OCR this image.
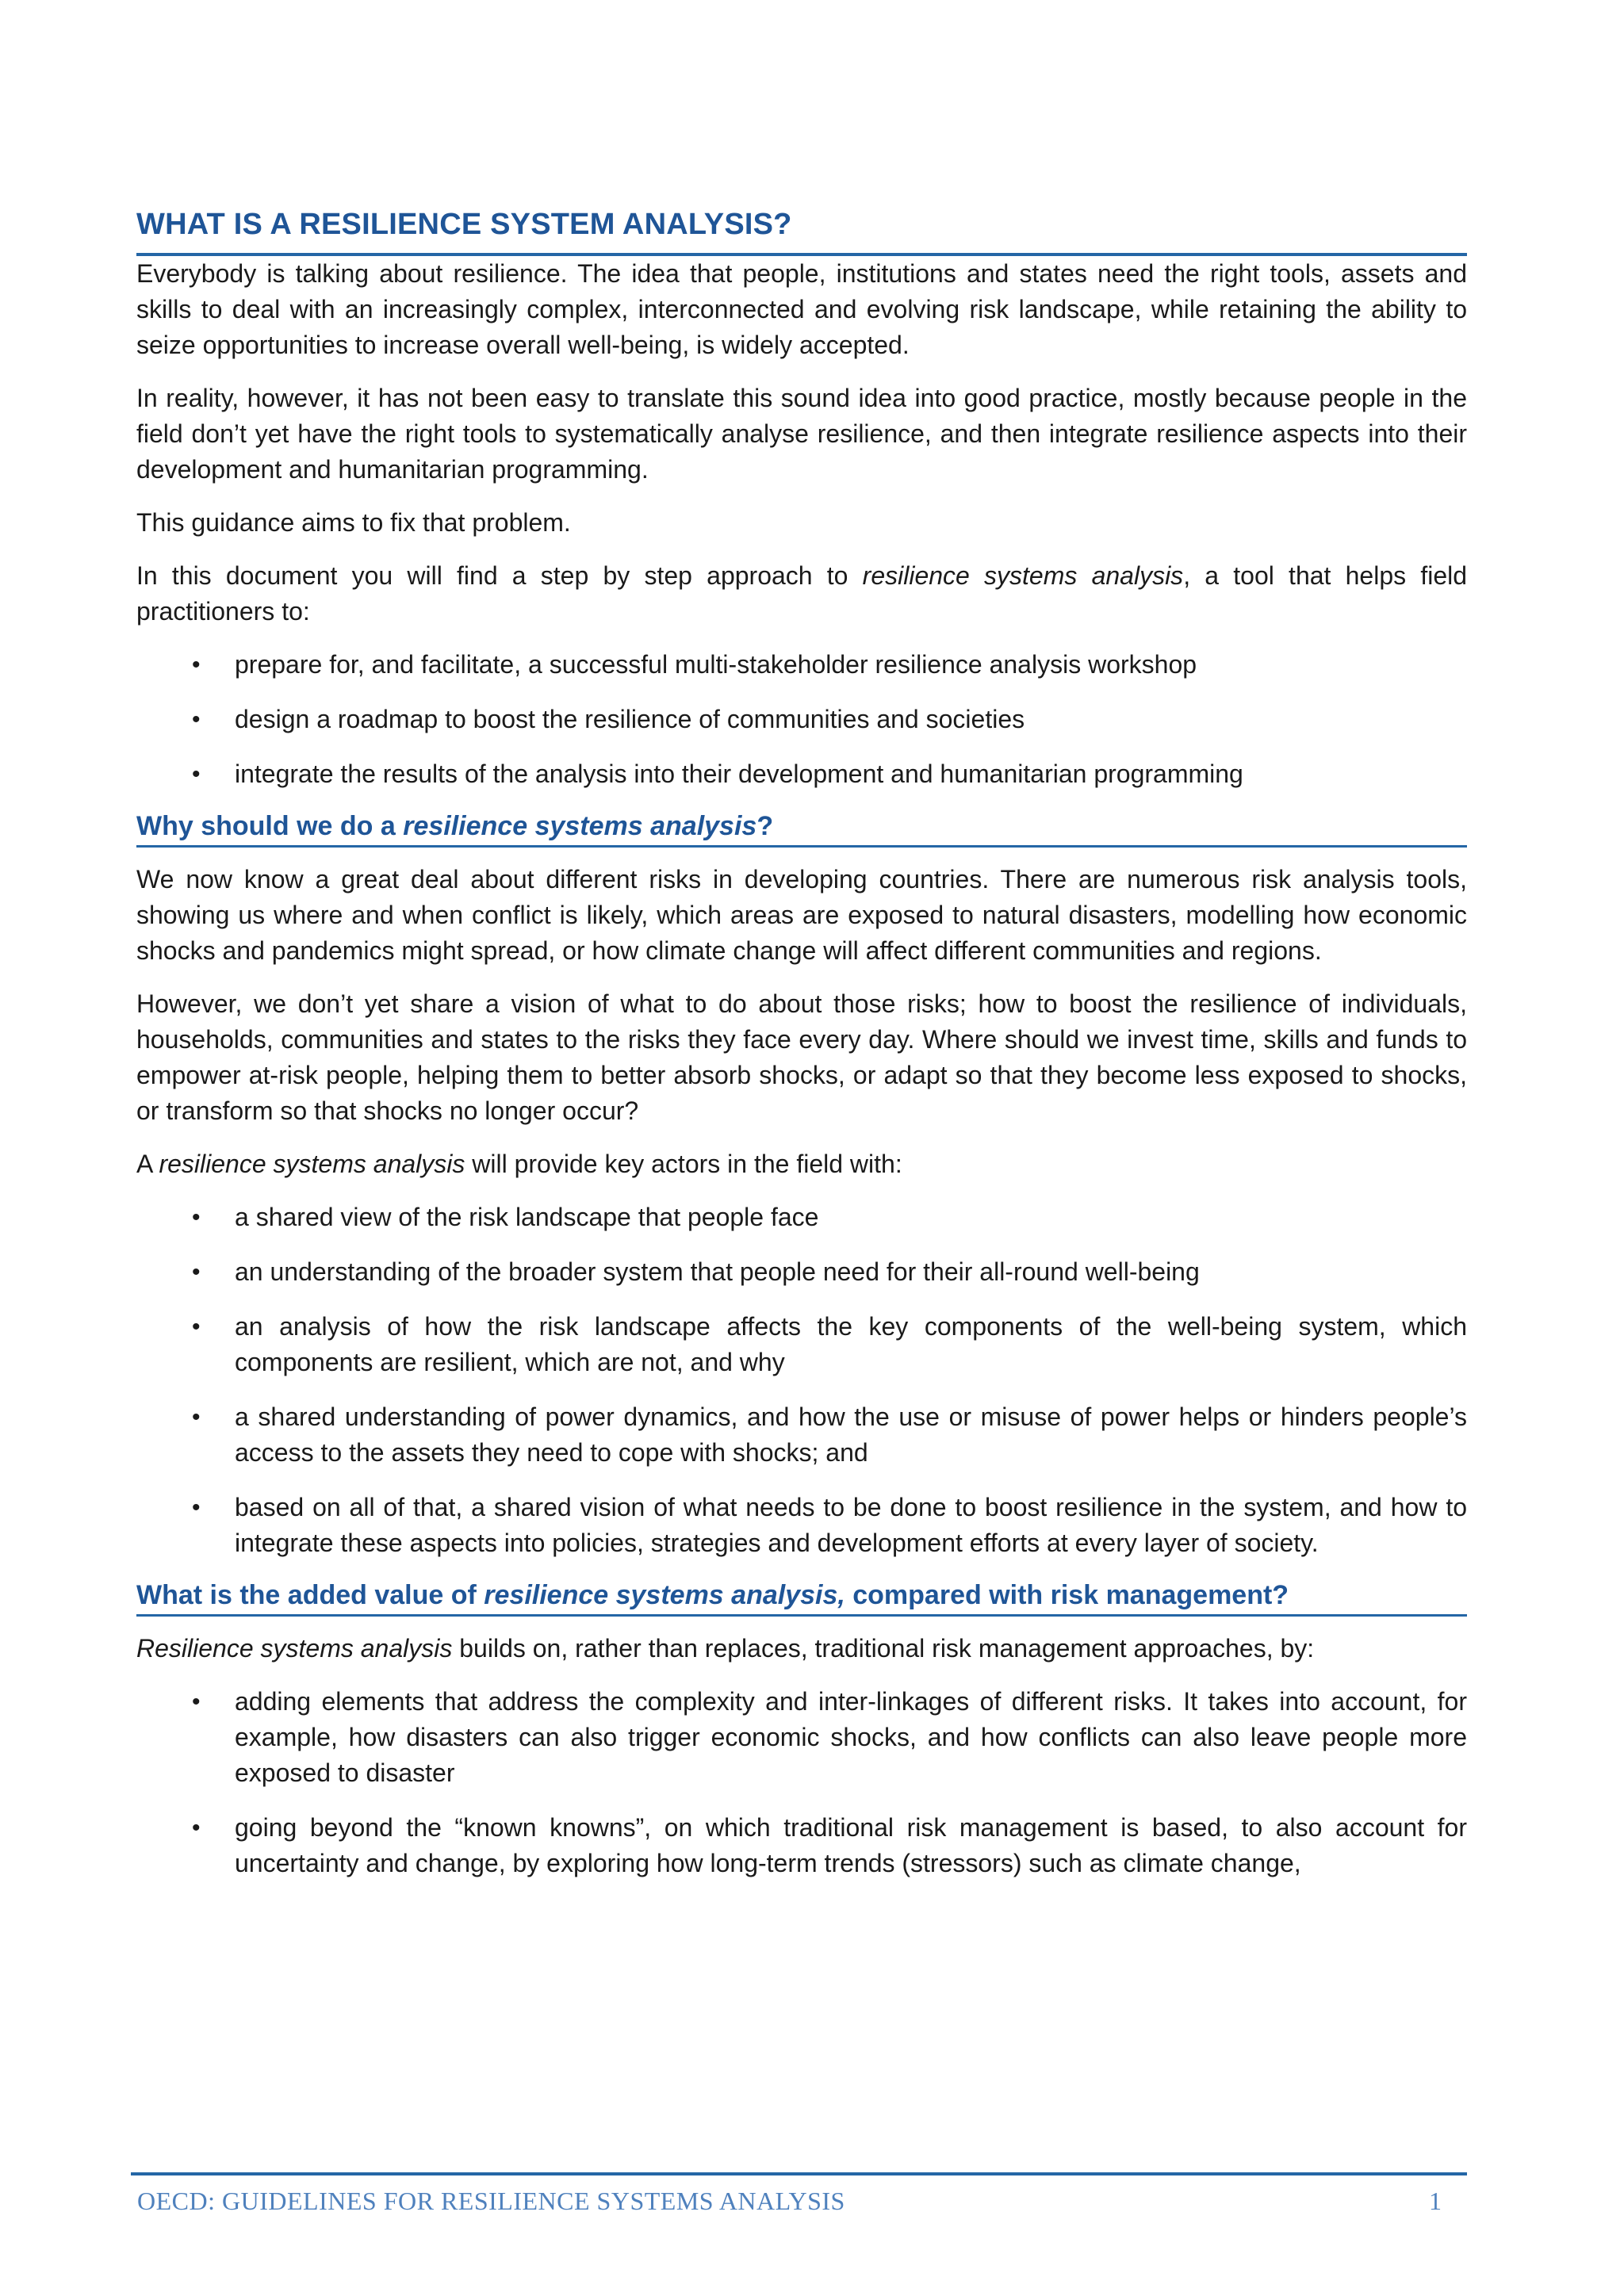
WHAT IS A RESILIENCE SYSTEM ANALYSIS?

Everybody is talking about resilience. The idea that people, institutions and states need the right tools, assets and skills to deal with an increasingly complex, interconnected and evolving risk landscape, while retaining the ability to seize opportunities to increase overall well-being, is widely accepted.

In reality, however, it has not been easy to translate this sound idea into good practice, mostly because people in the field don’t yet have the right tools to systematically analyse resilience, and then integrate resilience aspects into their development and humanitarian programming.

This guidance aims to fix that problem.

In this document you will find a step by step approach to resilience systems analysis, a tool that helps field practitioners to:

• prepare for, and facilitate, a successful multi-stakeholder resilience analysis workshop
• design a roadmap to boost the resilience of communities and societies
• integrate the results of the analysis into their development and humanitarian programming
Why should we do a resilience systems analysis?

We now know a great deal about different risks in developing countries. There are numerous risk analysis tools, showing us where and when conflict is likely, which areas are exposed to natural disasters, modelling how economic shocks and pandemics might spread, or how climate change will affect different communities and regions.

However, we don’t yet share a vision of what to do about those risks; how to boost the resilience of individuals, households, communities and states to the risks they face every day. Where should we invest time, skills and funds to empower at-risk people, helping them to better absorb shocks, or adapt so that they become less exposed to shocks, or transform so that shocks no longer occur?

A resilience systems analysis will provide key actors in the field with:

• a shared view of the risk landscape that people face
• an understanding of the broader system that people need for their all-round well-being
• an analysis of how the risk landscape affects the key components of the well-being system, which components are resilient, which are not, and why
• a shared understanding of power dynamics, and how the use or misuse of power helps or hinders people’s access to the assets they need to cope with shocks; and
• based on all of that, a shared vision of what needs to be done to boost resilience in the system, and how to integrate these aspects into policies, strategies and development efforts at every layer of society.
What is the added value of resilience systems analysis, compared with risk management?

Resilience systems analysis builds on, rather than replaces, traditional risk management approaches, by:

• adding elements that address the complexity and inter-linkages of different risks. It takes into account, for example, how disasters can also trigger economic shocks, and how conflicts can also leave people more exposed to disaster
• going beyond the “known knowns”, on which traditional risk management is based, to also account for uncertainty and change, by exploring how long-term trends (stressors) such as climate change,
OECD: GUIDELINES FOR RESILIENCE SYSTEMS ANALYSIS	1
